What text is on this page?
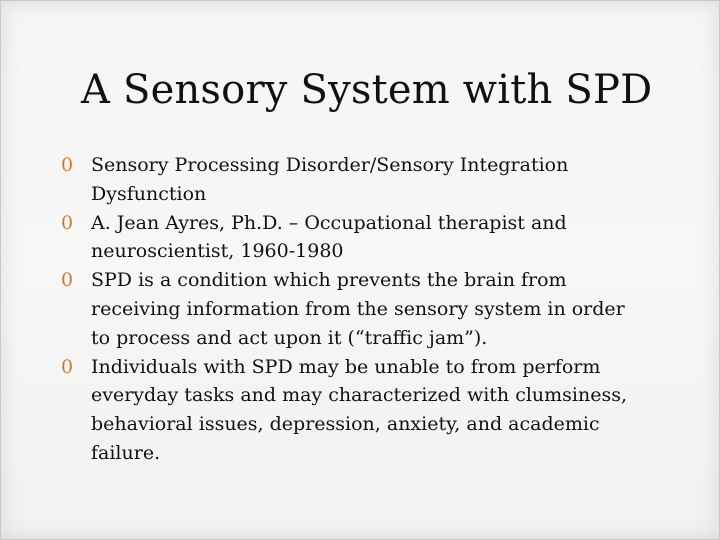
A Sensory System with SPD
0 Sensory Processing Disorder/Sensory Integration Dysfunction
0 A. Jean Ayres, Ph.D. – Occupational therapist and neuroscientist, 1960-1980
0 SPD is a condition which prevents the brain from receiving information from the sensory system in order to process and act upon it (“traffic jam”).
0 Individuals with SPD may be unable to from perform everyday tasks and may characterized with clumsiness, behavioral issues, depression, anxiety, and academic failure.
